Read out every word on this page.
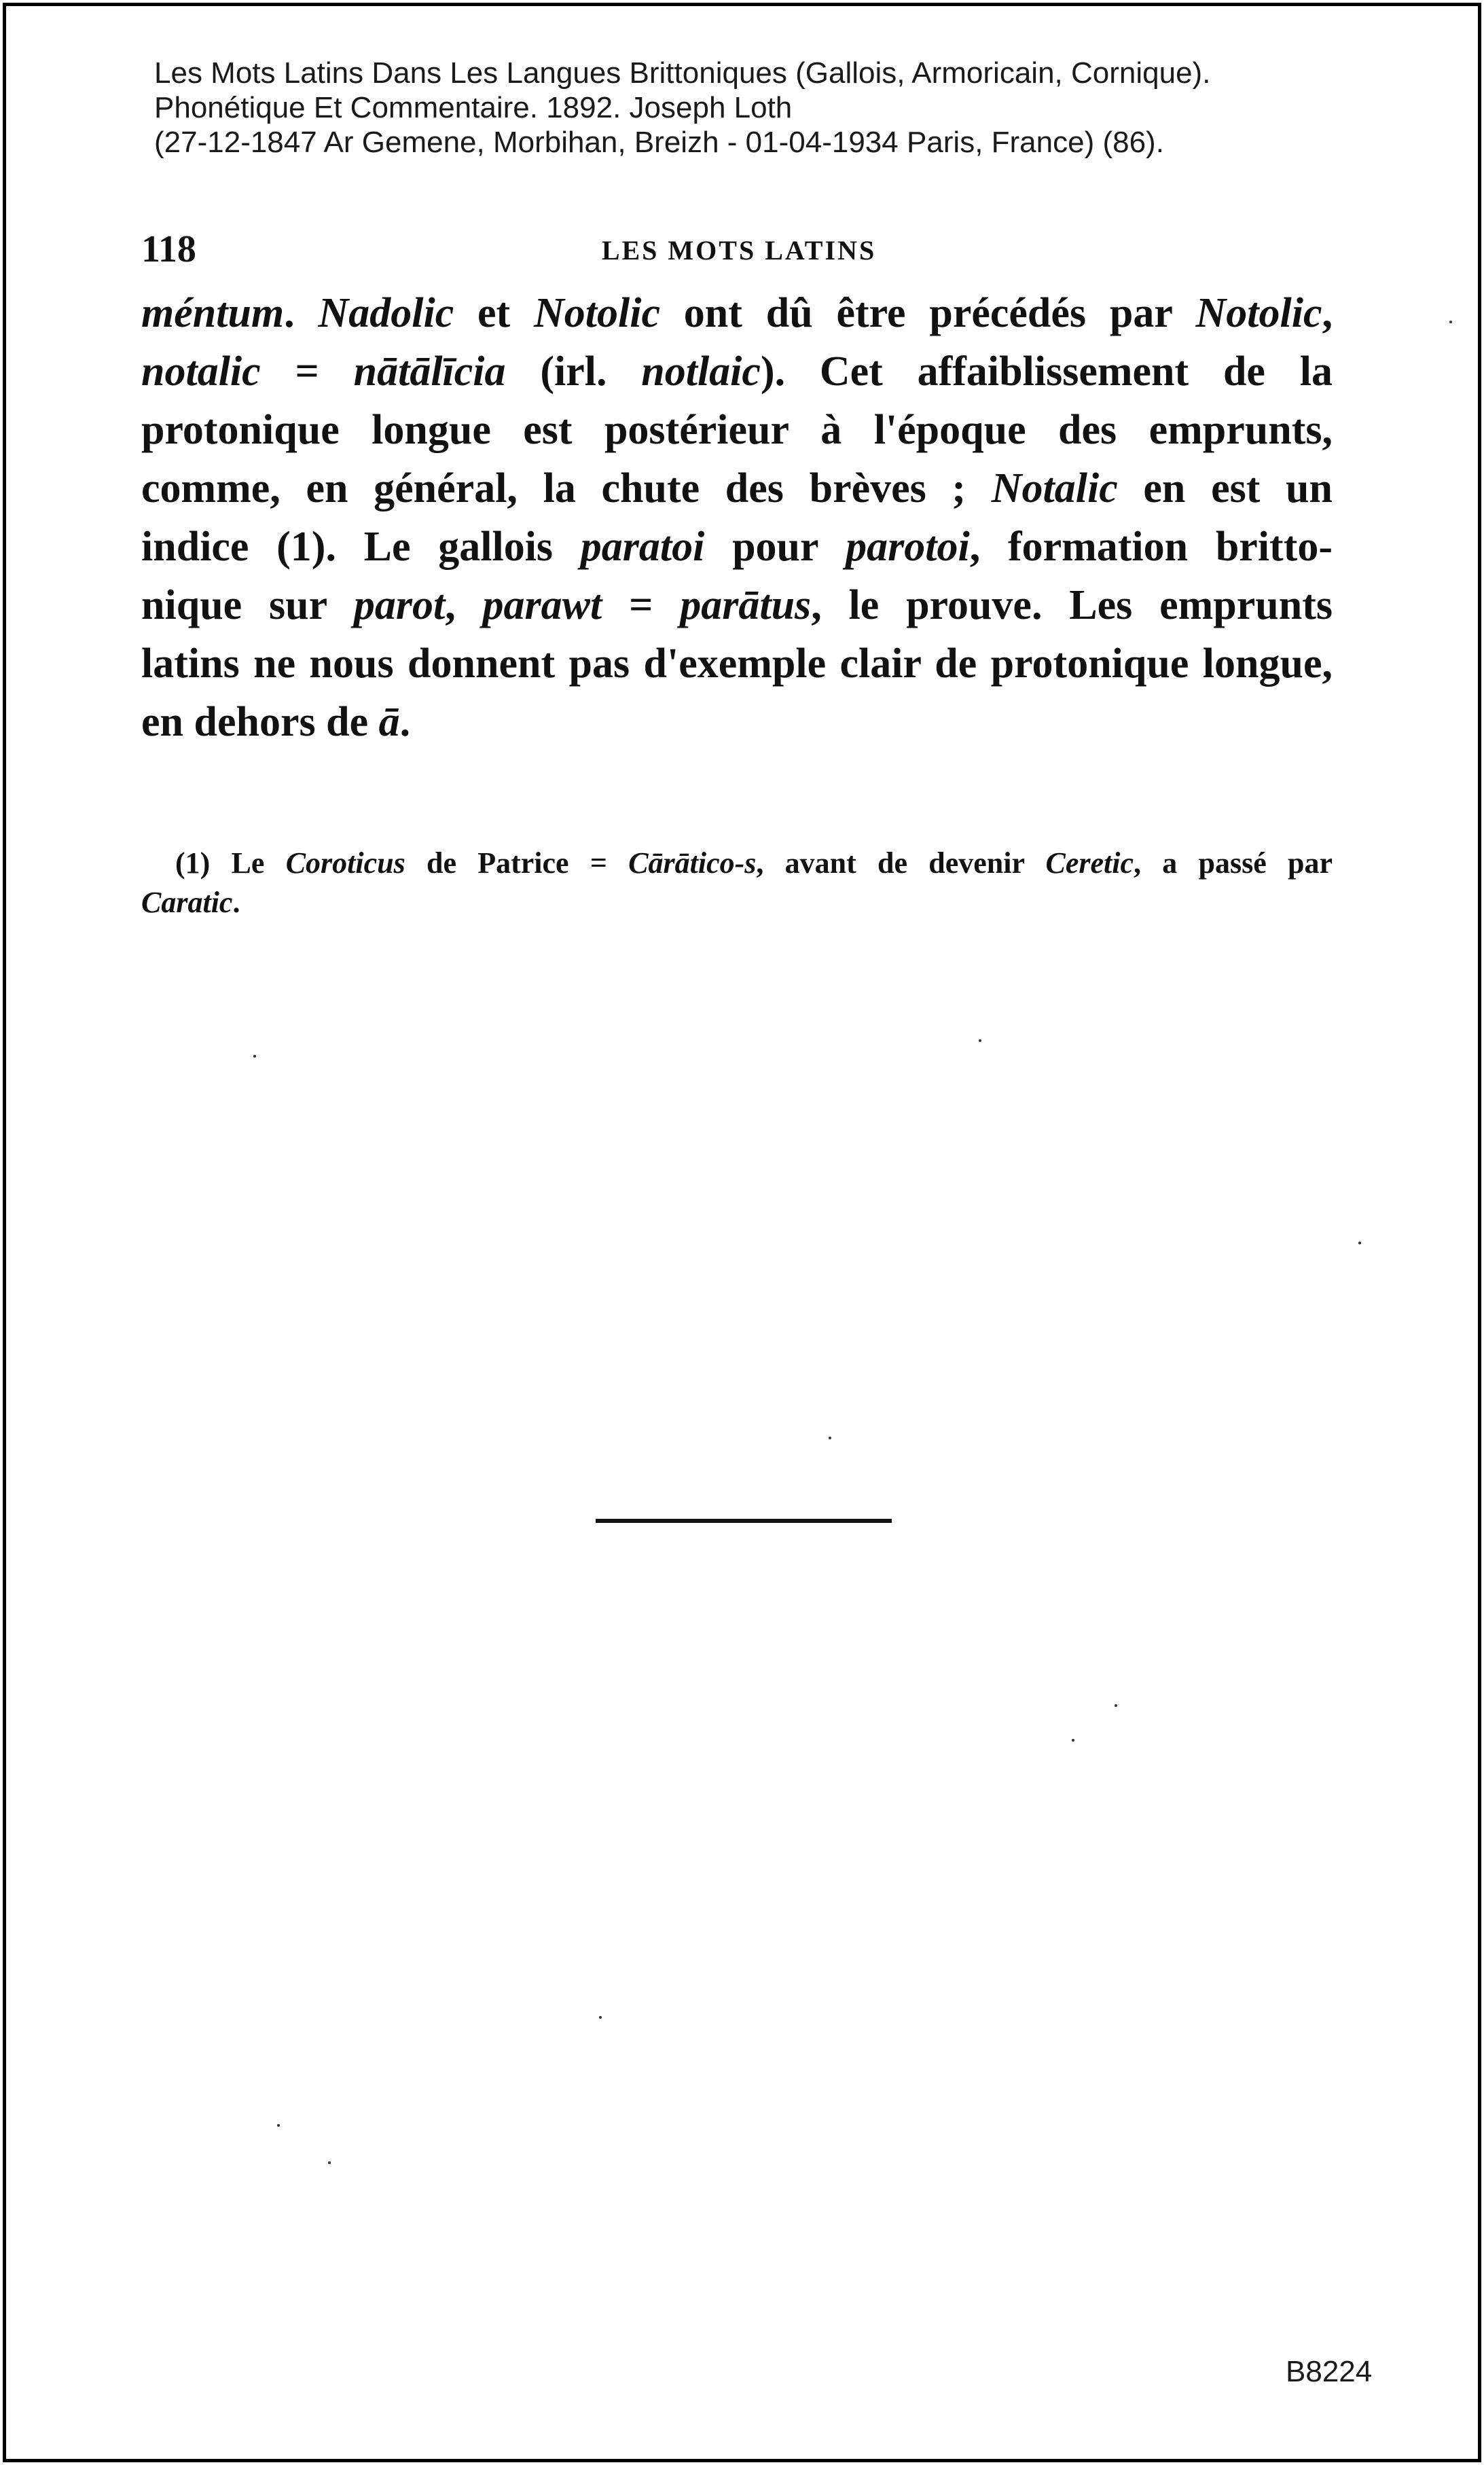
Les Mots Latins Dans Les Langues Brittoniques (Gallois, Armoricain, Cornique).
Phonétique Et Commentaire. 1892. Joseph Loth
(27-12-1847 Ar Gemene, Morbihan, Breizh - 01-04-1934 Paris, France) (86).
118	LES MOTS LATINS
méntum. Nadolic et Notolic ont dû être précédés par Notolic,
notalic = nātālīcia (irl. notlaic). Cet affaiblissement de la
protonique longue est postérieur à l'époque des emprunts,
comme, en général, la chute des brèves ; Notalic en est un
indice (1). Le gallois paratoi pour parotoi, formation britto-
nique sur parot, parawt = parātus, le prouve. Les emprunts
latins ne nous donnent pas d'exemple clair de protonique longue,
en dehors de ā.
(1) Le Coroticus de Patrice = Cārātico-s, avant de devenir Ceretic, a passé par
Caratic.
B8224
